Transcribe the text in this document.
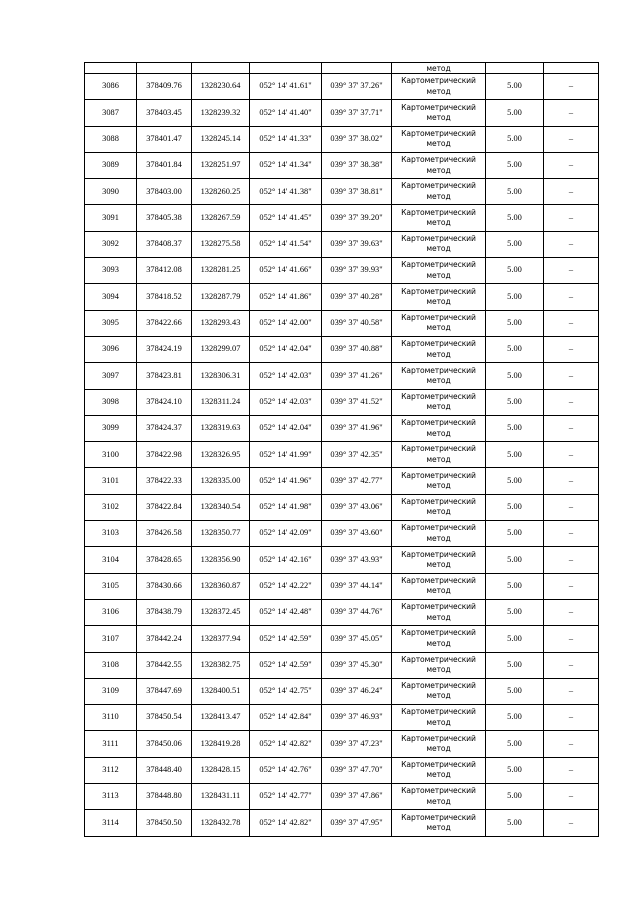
					метод		
3086	378409.76	1328230.64	052° 14' 41.61"	039° 37' 37.26"	Картометрический метод	5.00	–
3087	378403.45	1328239.32	052° 14' 41.40"	039° 37' 37.71"	Картометрический метод	5.00	–
3088	378401.47	1328245.14	052° 14' 41.33"	039° 37' 38.02"	Картометрический метод	5.00	–
3089	378401.84	1328251.97	052° 14' 41.34"	039° 37' 38.38"	Картометрический метод	5.00	–
3090	378403.00	1328260.25	052° 14' 41.38"	039° 37' 38.81"	Картометрический метод	5.00	–
3091	378405.38	1328267.59	052° 14' 41.45"	039° 37' 39.20"	Картометрический метод	5.00	–
3092	378408.37	1328275.58	052° 14' 41.54"	039° 37' 39.63"	Картометрический метод	5.00	–
3093	378412.08	1328281.25	052° 14' 41.66"	039° 37' 39.93"	Картометрический метод	5.00	–
3094	378418.52	1328287.79	052° 14' 41.86"	039° 37' 40.28"	Картометрический метод	5.00	–
3095	378422.66	1328293.43	052° 14' 42.00"	039° 37' 40.58"	Картометрический метод	5.00	–
3096	378424.19	1328299.07	052° 14' 42.04"	039° 37' 40.88"	Картометрический метод	5.00	–
3097	378423.81	1328306.31	052° 14' 42.03"	039° 37' 41.26"	Картометрический метод	5.00	–
3098	378424.10	1328311.24	052° 14' 42.03"	039° 37' 41.52"	Картометрический метод	5.00	–
3099	378424.37	1328319.63	052° 14' 42.04"	039° 37' 41.96"	Картометрический метод	5.00	–
3100	378422.98	1328326.95	052° 14' 41.99"	039° 37' 42.35"	Картометрический метод	5.00	–
3101	378422.33	1328335.00	052° 14' 41.96"	039° 37' 42.77"	Картометрический метод	5.00	–
3102	378422.84	1328340.54	052° 14' 41.98"	039° 37' 43.06"	Картометрический метод	5.00	–
3103	378426.58	1328350.77	052° 14' 42.09"	039° 37' 43.60"	Картометрический метод	5.00	–
3104	378428.65	1328356.90	052° 14' 42.16"	039° 37' 43.93"	Картометрический метод	5.00	–
3105	378430.66	1328360.87	052° 14' 42.22"	039° 37' 44.14"	Картометрический метод	5.00	–
3106	378438.79	1328372.45	052° 14' 42.48"	039° 37' 44.76"	Картометрический метод	5.00	–
3107	378442.24	1328377.94	052° 14' 42.59"	039° 37' 45.05"	Картометрический метод	5.00	–
3108	378442.55	1328382.75	052° 14' 42.59"	039° 37' 45.30"	Картометрический метод	5.00	–
3109	378447.69	1328400.51	052° 14' 42.75"	039° 37' 46.24"	Картометрический метод	5.00	–
3110	378450.54	1328413.47	052° 14' 42.84"	039° 37' 46.93"	Картометрический метод	5.00	–
3111	378450.06	1328419.28	052° 14' 42.82"	039° 37' 47.23"	Картометрический метод	5.00	–
3112	378448.40	1328428.15	052° 14' 42.76"	039° 37' 47.70"	Картометрический метод	5.00	–
3113	378448.80	1328431.11	052° 14' 42.77"	039° 37' 47.86"	Картометрический метод	5.00	–
3114	378450.50	1328432.78	052° 14' 42.82"	039° 37' 47.95"	Картометрический метод	5.00	–
